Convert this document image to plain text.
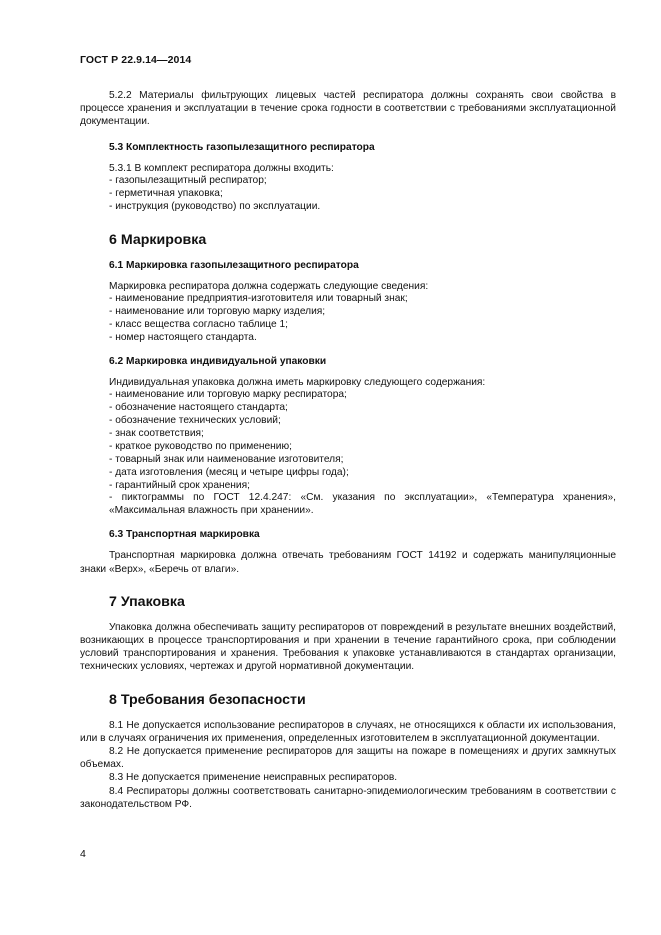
ГОСТ Р 22.9.14—2014

5.2.2 Материалы фильтрующих лицевых частей респиратора должны сохранять свои свойства в процессе хранения и эксплуатации в течение срока годности в соответствии с требованиями эксплуатационной документации.

5.3 Комплектность газопылезащитного респиратора

5.3.1 В комплект респиратора должны входить:

- газопылезащитный респиратор;
- герметичная упаковка;
- инструкция (руководство) по эксплуатации.
6 Маркировка
6.1 Маркировка газопылезащитного респиратора

Маркировка респиратора должна содержать следующие сведения:

- наименование предприятия-изготовителя или товарный знак;
- наименование или торговую марку изделия;
- класс вещества согласно таблице 1;
- номер настоящего стандарта.
6.2 Маркировка индивидуальной упаковки

Индивидуальная упаковка должна иметь маркировку следующего содержания:

- наименование или торговую марку респиратора;
- обозначение настоящего стандарта;
- обозначение технических условий;
- знак соответствия;
- краткое руководство по применению;
- товарный знак или наименование изготовителя;
- дата изготовления (месяц и четыре цифры года);
- гарантийный срок хранения;
- пиктограммы по ГОСТ 12.4.247: «См. указания по эксплуатации», «Температура хранения», «Максимальная влажность при хранении».
6.3 Транспортная маркировка

Транспортная маркировка должна отвечать требованиям ГОСТ 14192 и содержать манипуляционные знаки «Верх», «Беречь от влаги».

7 Упаковка

Упаковка должна обеспечивать защиту респираторов от повреждений в результате внешних воздействий, возникающих в процессе транспортирования и при хранении в течение гарантийного срока, при соблюдении условий транспортирования и хранения. Требования к упаковке устанавливаются в стандартах организации, технических условиях, чертежах и другой нормативной документации.

8 Требования безопасности

8.1 Не допускается использование респираторов в случаях, не относящихся к области их использования, или в случаях ограничения их применения, определенных изготовителем в эксплуатационной документации.

8.2 Не допускается применение респираторов для защиты на пожаре в помещениях и других замкнутых объемах.

8.3 Не допускается применение неисправных респираторов.

8.4 Респираторы должны соответствовать санитарно-эпидемиологическим требованиям в соответствии с законодательством РФ.

4
